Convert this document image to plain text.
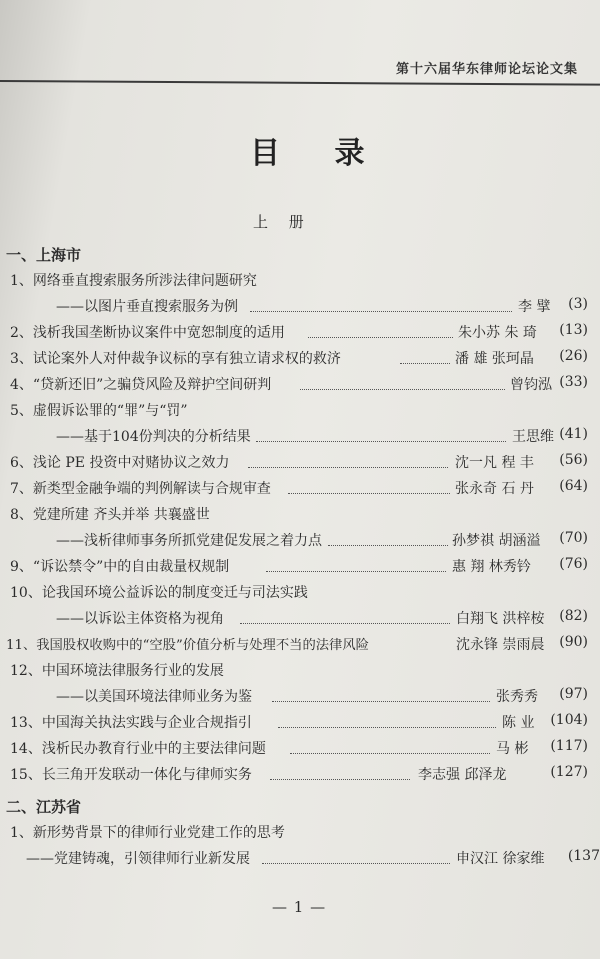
第十六届华东律师论坛论文集
目 录
上 册
一、上海市
1、网络垂直搜索服务所涉法律问题研究
——以图片垂直搜索服务为例	李 擘 (3)
2、浅析我国垄断协议案件中宽恕制度的适用	朱小苏 朱 琦 (13)
3、试论案外人对仲裁争议标的享有独立请求权的救济	潘 雄 张珂晶 (26)
4、“贷新还旧”之骗贷风险及辩护空间研判	曾钧泓 (33)
5、虚假诉讼罪的“罪”与“罚”
——基于104份判决的分析结果	王思维 (41)
6、浅论 PE 投资中对赌协议之效力	沈一凡 程 丰 (56)
7、新类型金融争端的判例解读与合规审查	张永奇 石 丹 (64)
8、党建所建 齐头并举 共襄盛世
——浅析律师事务所抓党建促发展之着力点	孙梦祺 胡涵溢 (70)
9、“诉讼禁令”中的自由裁量权规制	惠 翔 林秀钤 (76)
10、论我国环境公益诉讼的制度变迁与司法实践
——以诉讼主体资格为视角	白翔飞 洪梓桉 (82)
11、我国股权收购中的“空股”价值分析与处理不当的法律风险	沈永锋 崇雨晨 (90)
12、中国环境法律服务行业的发展
——以美国环境法律师业务为鉴	张秀秀 (97)
13、中国海关执法实践与企业合规指引	陈 业 (104)
14、浅析民办教育行业中的主要法律问题	马 彬 (117)
15、长三角开发联动一体化与律师实务	李志强 邱泽龙	(127)
二、江苏省
1、新形势背景下的律师行业党建工作的思考
——党建铸魂，引领律师行业新发展	申汉江 徐家维 (137
— 1 —
